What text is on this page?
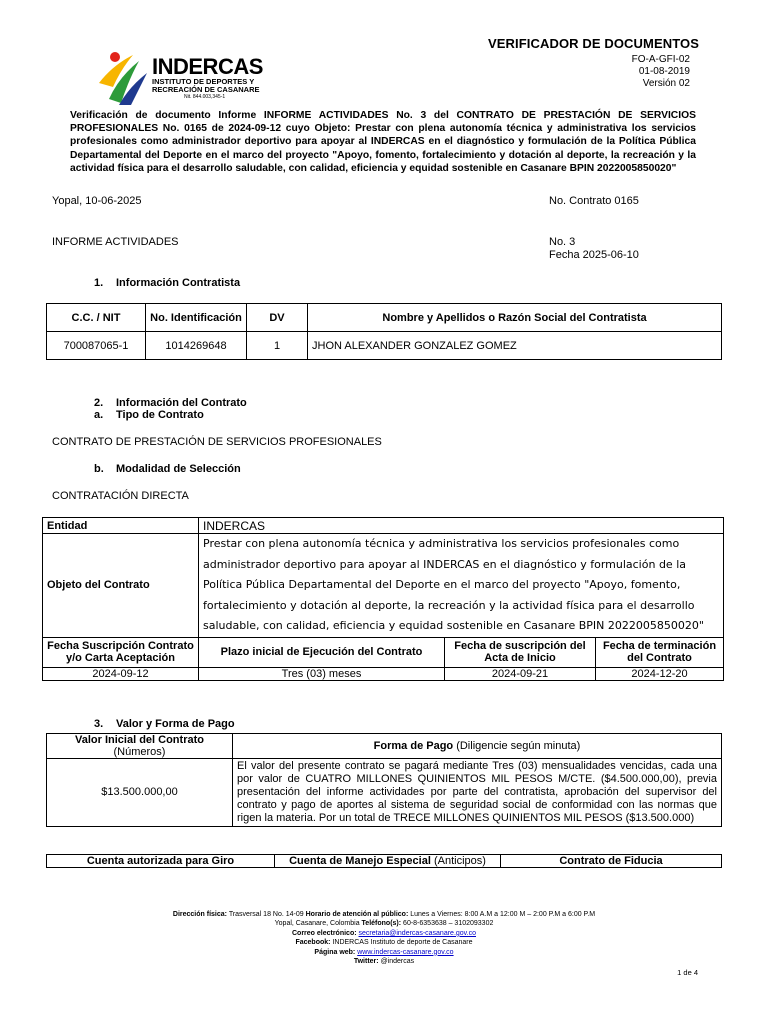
INDERCAS
INSTITUTO DE DEPORTES Y
RECREACIÓN DE CASANARE
Nit. 844.003,345-1
VERIFICADOR DE DOCUMENTOS
FO-A-GFI-02
01-08-2019
Versión 02
Verificación de documento Informe INFORME ACTIVIDADES No. 3 del CONTRATO DE PRESTACIÓN DE SERVICIOS PROFESIONALES No. 0165 de 2024-09-12 cuyo Objeto: Prestar con plena autonomía técnica y administrativa los servicios profesionales como administrador deportivo para apoyar al INDERCAS en el diagnóstico y formulación de la Política Pública Departamental del Deporte en el marco del proyecto "Apoyo, fomento, fortalecimiento y dotación al deporte, la recreación y la actividad física para el desarrollo saludable, con calidad, eficiencia y equidad sostenible en Casanare BPIN 2022005850020"
Yopal, 10-06-2025	No. Contrato 0165
INFORME ACTIVIDADES	No. 3
Fecha 2025-06-10
1. Información Contratista
C.C. / NIT	No. Identificación	DV	Nombre y Apellidos o Razón Social del Contratista
700087065-1	1014269648	1	JHON ALEXANDER GONZALEZ GOMEZ
2. Información del Contrato
a. Tipo de Contrato
CONTRATO DE PRESTACIÓN DE SERVICIOS PROFESIONALES
b. Modalidad de Selección
CONTRATACIÓN DIRECTA
Entidad	INDERCAS		
Objeto del Contrato	Prestar con plena autonomía técnica y administrativa los servicios profesionales como administrador deportivo para apoyar al INDERCAS en el diagnóstico y formulación de la Política Pública Departamental del Deporte en el marco del proyecto "Apoyo, fomento, fortalecimiento y dotación al deporte, la recreación y la actividad física para el desarrollo saludable, con calidad, eficiencia y equidad sostenible en Casanare BPIN 2022005850020"		
Fecha Suscripción Contrato y/o Carta Aceptación	Plazo inicial de Ejecución del Contrato	Fecha de suscripción del Acta de Inicio	Fecha de terminación del Contrato
2024-09-12	Tres (03) meses	2024-09-21	2024-12-20
3. Valor y Forma de Pago
Valor Inicial del Contrato
(Números)	Forma de Pago (Diligencie según minuta)
$13.500.000,00	El valor del presente contrato se pagará mediante Tres (03) mensualidades vencidas, cada una por valor de CUATRO MILLONES QUINIENTOS MIL PESOS M/CTE. ($4.500.000,00), previa presentación del informe actividades por parte del contratista, aprobación del supervisor del contrato y pago de aportes al sistema de seguridad social de conformidad con las normas que rigen la materia. Por un total de TRECE MILLONES QUINIENTOS MIL PESOS ($13.500.000)
Cuenta autorizada para Giro	Cuenta de Manejo Especial (Anticipos)	Contrato de Fiducia
Dirección física: Trasversal 18 No. 14-09 Horario de atención al público: Lunes a Viernes: 8:00 A.M a 12:00 M – 2:00 P.M a 6:00 P.M
Yopal, Casanare, Colombia Teléfono(s): 60-8-6353638 – 3102093302
Correo electrónico: secretaria@indercas-casanare.gov.co
Facebook: INDERCAS Instituto de deporte de Casanare
Página web: www.indercas-casanare.gov.co
Twitter: @indercas
1 de 4
